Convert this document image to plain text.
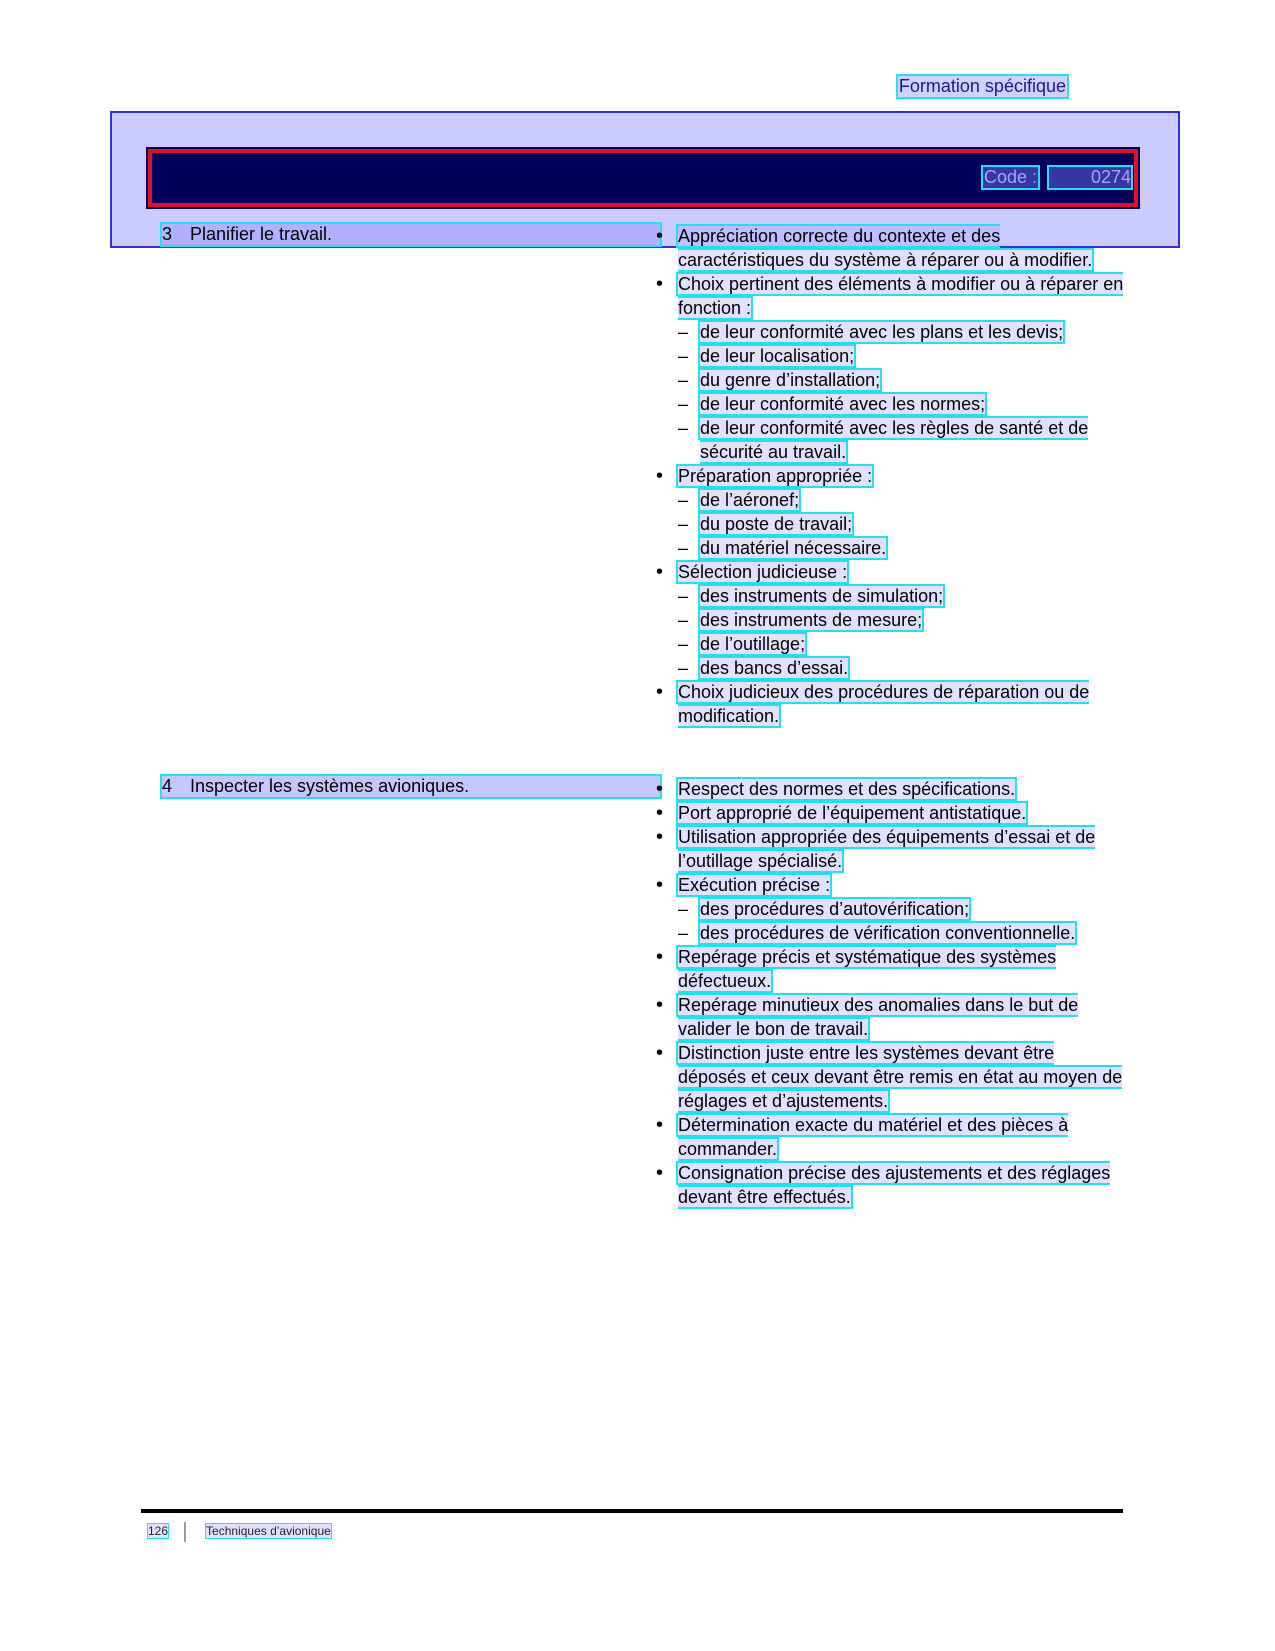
Formation spécifique
Code :	0274
3 Planifier le travail.	• Appréciation correcte du contexte et des caractéristiques du système à réparer ou à modifier.
• Choix pertinent des éléments à modifier ou à réparer en fonction :
– de leur conformité avec les plans et les devis;
– de leur localisation;
– du genre d’installation;
– de leur conformité avec les normes;
– de leur conformité avec les règles de santé et de sécurité au travail.
• Préparation appropriée :
– de l’aéronef;
– du poste de travail;
– du matériel nécessaire.
• Sélection judicieuse :
– des instruments de simulation;
– des instruments de mesure;
– de l’outillage;
– des bancs d’essai.
• Choix judicieux des procédures de réparation ou de modification.
4 Inspecter les systèmes avioniques.	• Respect des normes et des spécifications.
• Port approprié de l’équipement antistatique.
• Utilisation appropriée des équipements d’essai et de l’outillage spécialisé.
• Exécution précise :
– des procédures d’autovérification;
– des procédures de vérification conventionnelle.
• Repérage précis et systématique des systèmes défectueux.
• Repérage minutieux des anomalies dans le but de valider le bon de travail.
• Distinction juste entre les systèmes devant être déposés et ceux devant être remis en état au moyen de réglages et d’ajustements.
• Détermination exacte du matériel et des pièces à commander.
• Consignation précise des ajustements et des réglages devant être effectués.
126	Techniques d’avionique
